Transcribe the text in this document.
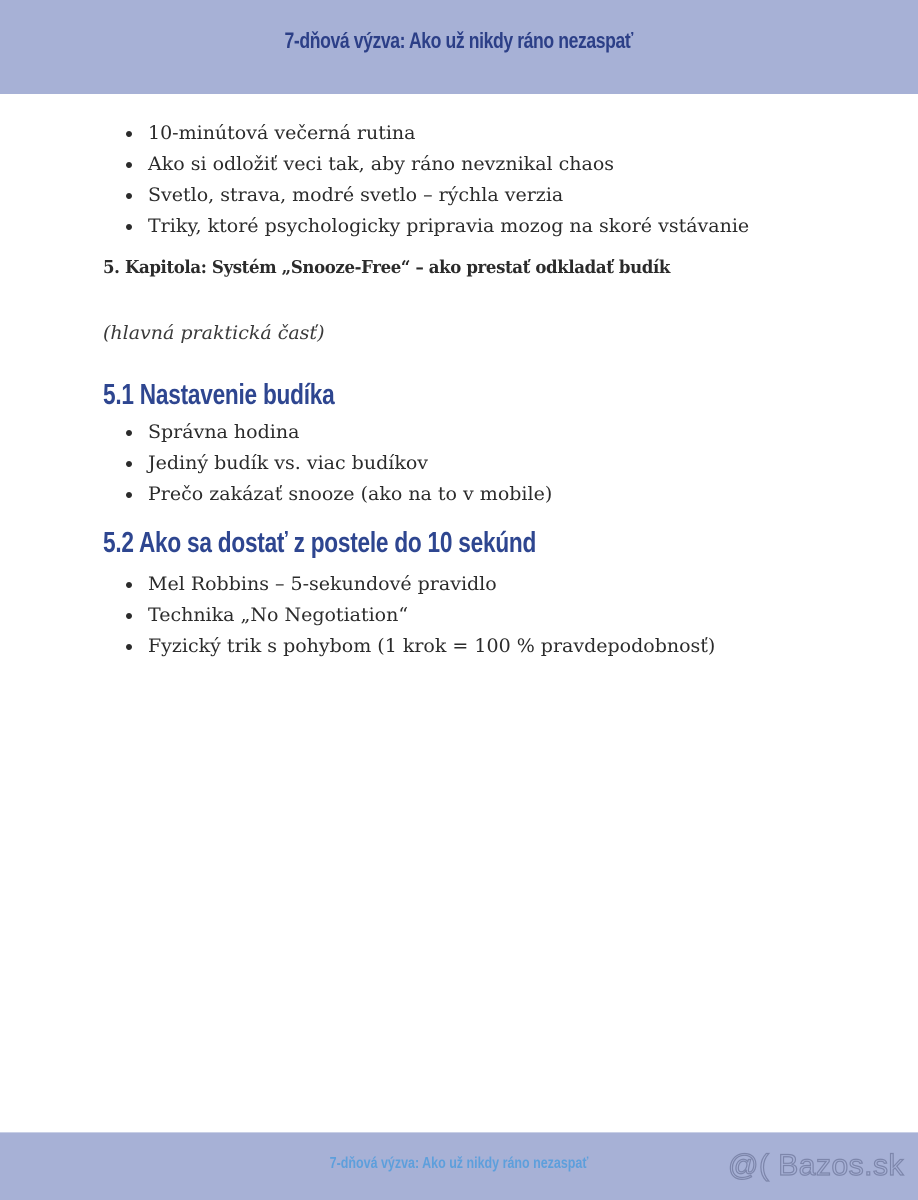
7-dňová výzva: Ako už nikdy ráno nezaspať
10-minútová večerná rutina
Ako si odložiť veci tak, aby ráno nevznikal chaos
Svetlo, strava, modré svetlo – rýchla verzia
Triky, ktoré psychologicky pripravia mozog na skoré vstávanie
5. Kapitola: Systém „Snooze-Free“ – ako prestať odkladať budík
(hlavná praktická časť)
5.1 Nastavenie budíka
Správna hodina
Jediný budík vs. viac budíkov
Prečo zakázať snooze (ako na to v mobile)
5.2 Ako sa dostať z postele do 10 sekúnd
Mel Robbins – 5-sekundové pravidlo
Technika „No Negotiation“
Fyzický trik s pohybom (1 krok = 100 % pravdepodobnosť)
7-dňová výzva: Ako už nikdy ráno nezaspať	@( Bazos.sk
